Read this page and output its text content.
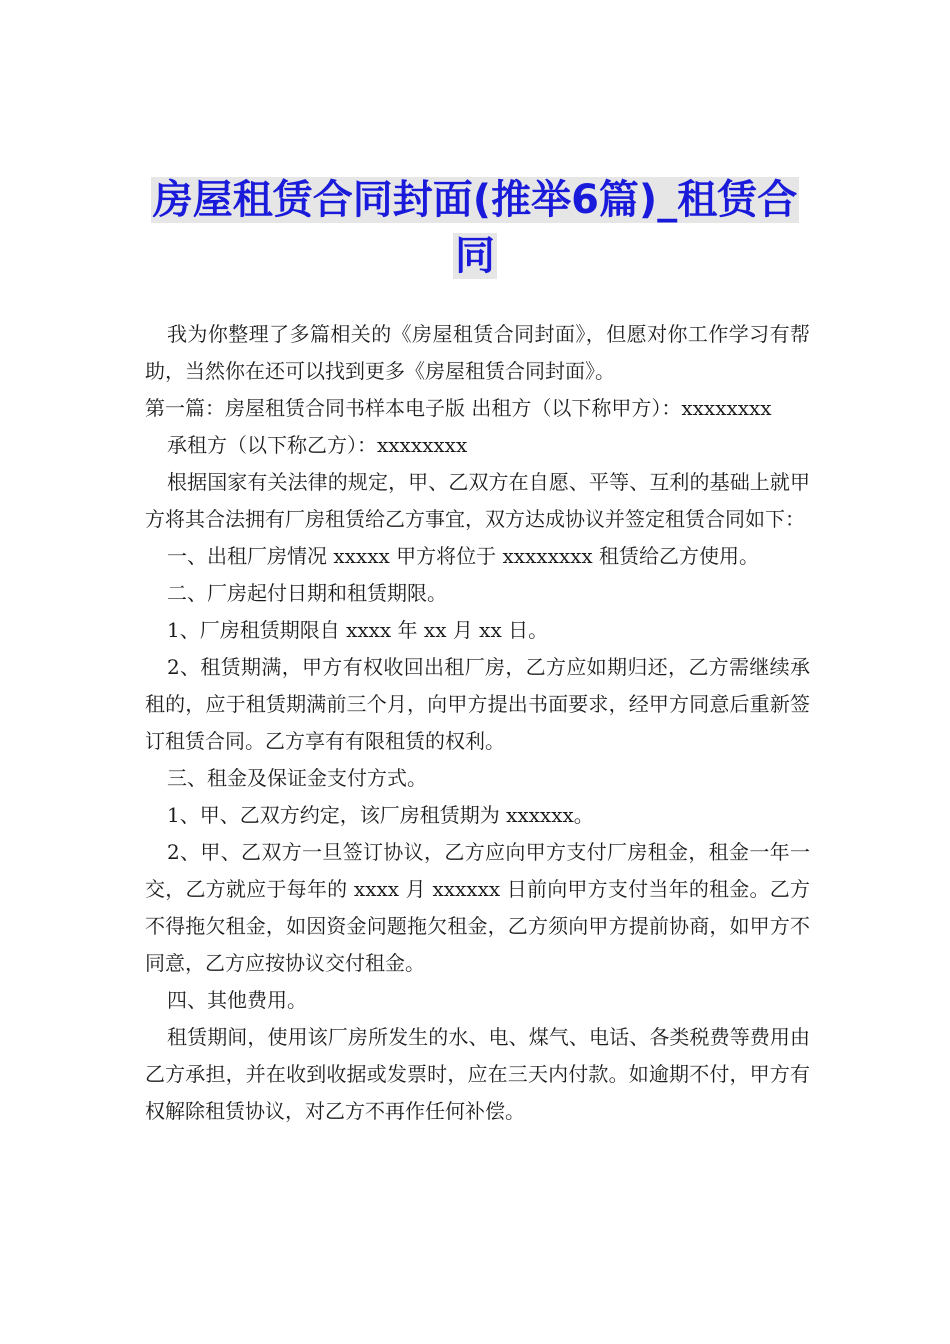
房屋租赁合同封面(推举6篇)_租赁合

同

我为你整理了多篇相关的《房屋租赁合同封面》，但愿对你工作学习有帮助，当然你在还可以找到更多《房屋租赁合同封面》。

第一篇：房屋租赁合同书样本电子版 出租方（以下称甲方）：xxxxxxxx

承租方（以下称乙方）：xxxxxxxx

根据国家有关法律的规定，甲、乙双方在自愿、平等、互利的基础上就甲方将其合法拥有厂房租赁给乙方事宜，双方达成协议并签定租赁合同如下：

一、出租厂房情况 xxxxx 甲方将位于 xxxxxxxx 租赁给乙方使用。

二、厂房起付日期和租赁期限。

1、厂房租赁期限自 xxxx 年 xx 月 xx 日。

2、租赁期满，甲方有权收回出租厂房，乙方应如期归还，乙方需继续承租的，应于租赁期满前三个月，向甲方提出书面要求，经甲方同意后重新签订租赁合同。乙方享有有限租赁的权利。

三、租金及保证金支付方式。

1、甲、乙双方约定，该厂房租赁期为 xxxxxx。

2、甲、乙双方一旦签订协议，乙方应向甲方支付厂房租金，租金一年一交，乙方就应于每年的 xxxx 月 xxxxxx 日前向甲方支付当年的租金。乙方不得拖欠租金，如因资金问题拖欠租金，乙方须向甲方提前协商，如甲方不同意，乙方应按协议交付租金。

四、其他费用。

租赁期间，使用该厂房所发生的水、电、煤气、电话、各类税费等费用由乙方承担，并在收到收据或发票时，应在三天内付款。如逾期不付，甲方有权解除租赁协议，对乙方不再作任何补偿。
